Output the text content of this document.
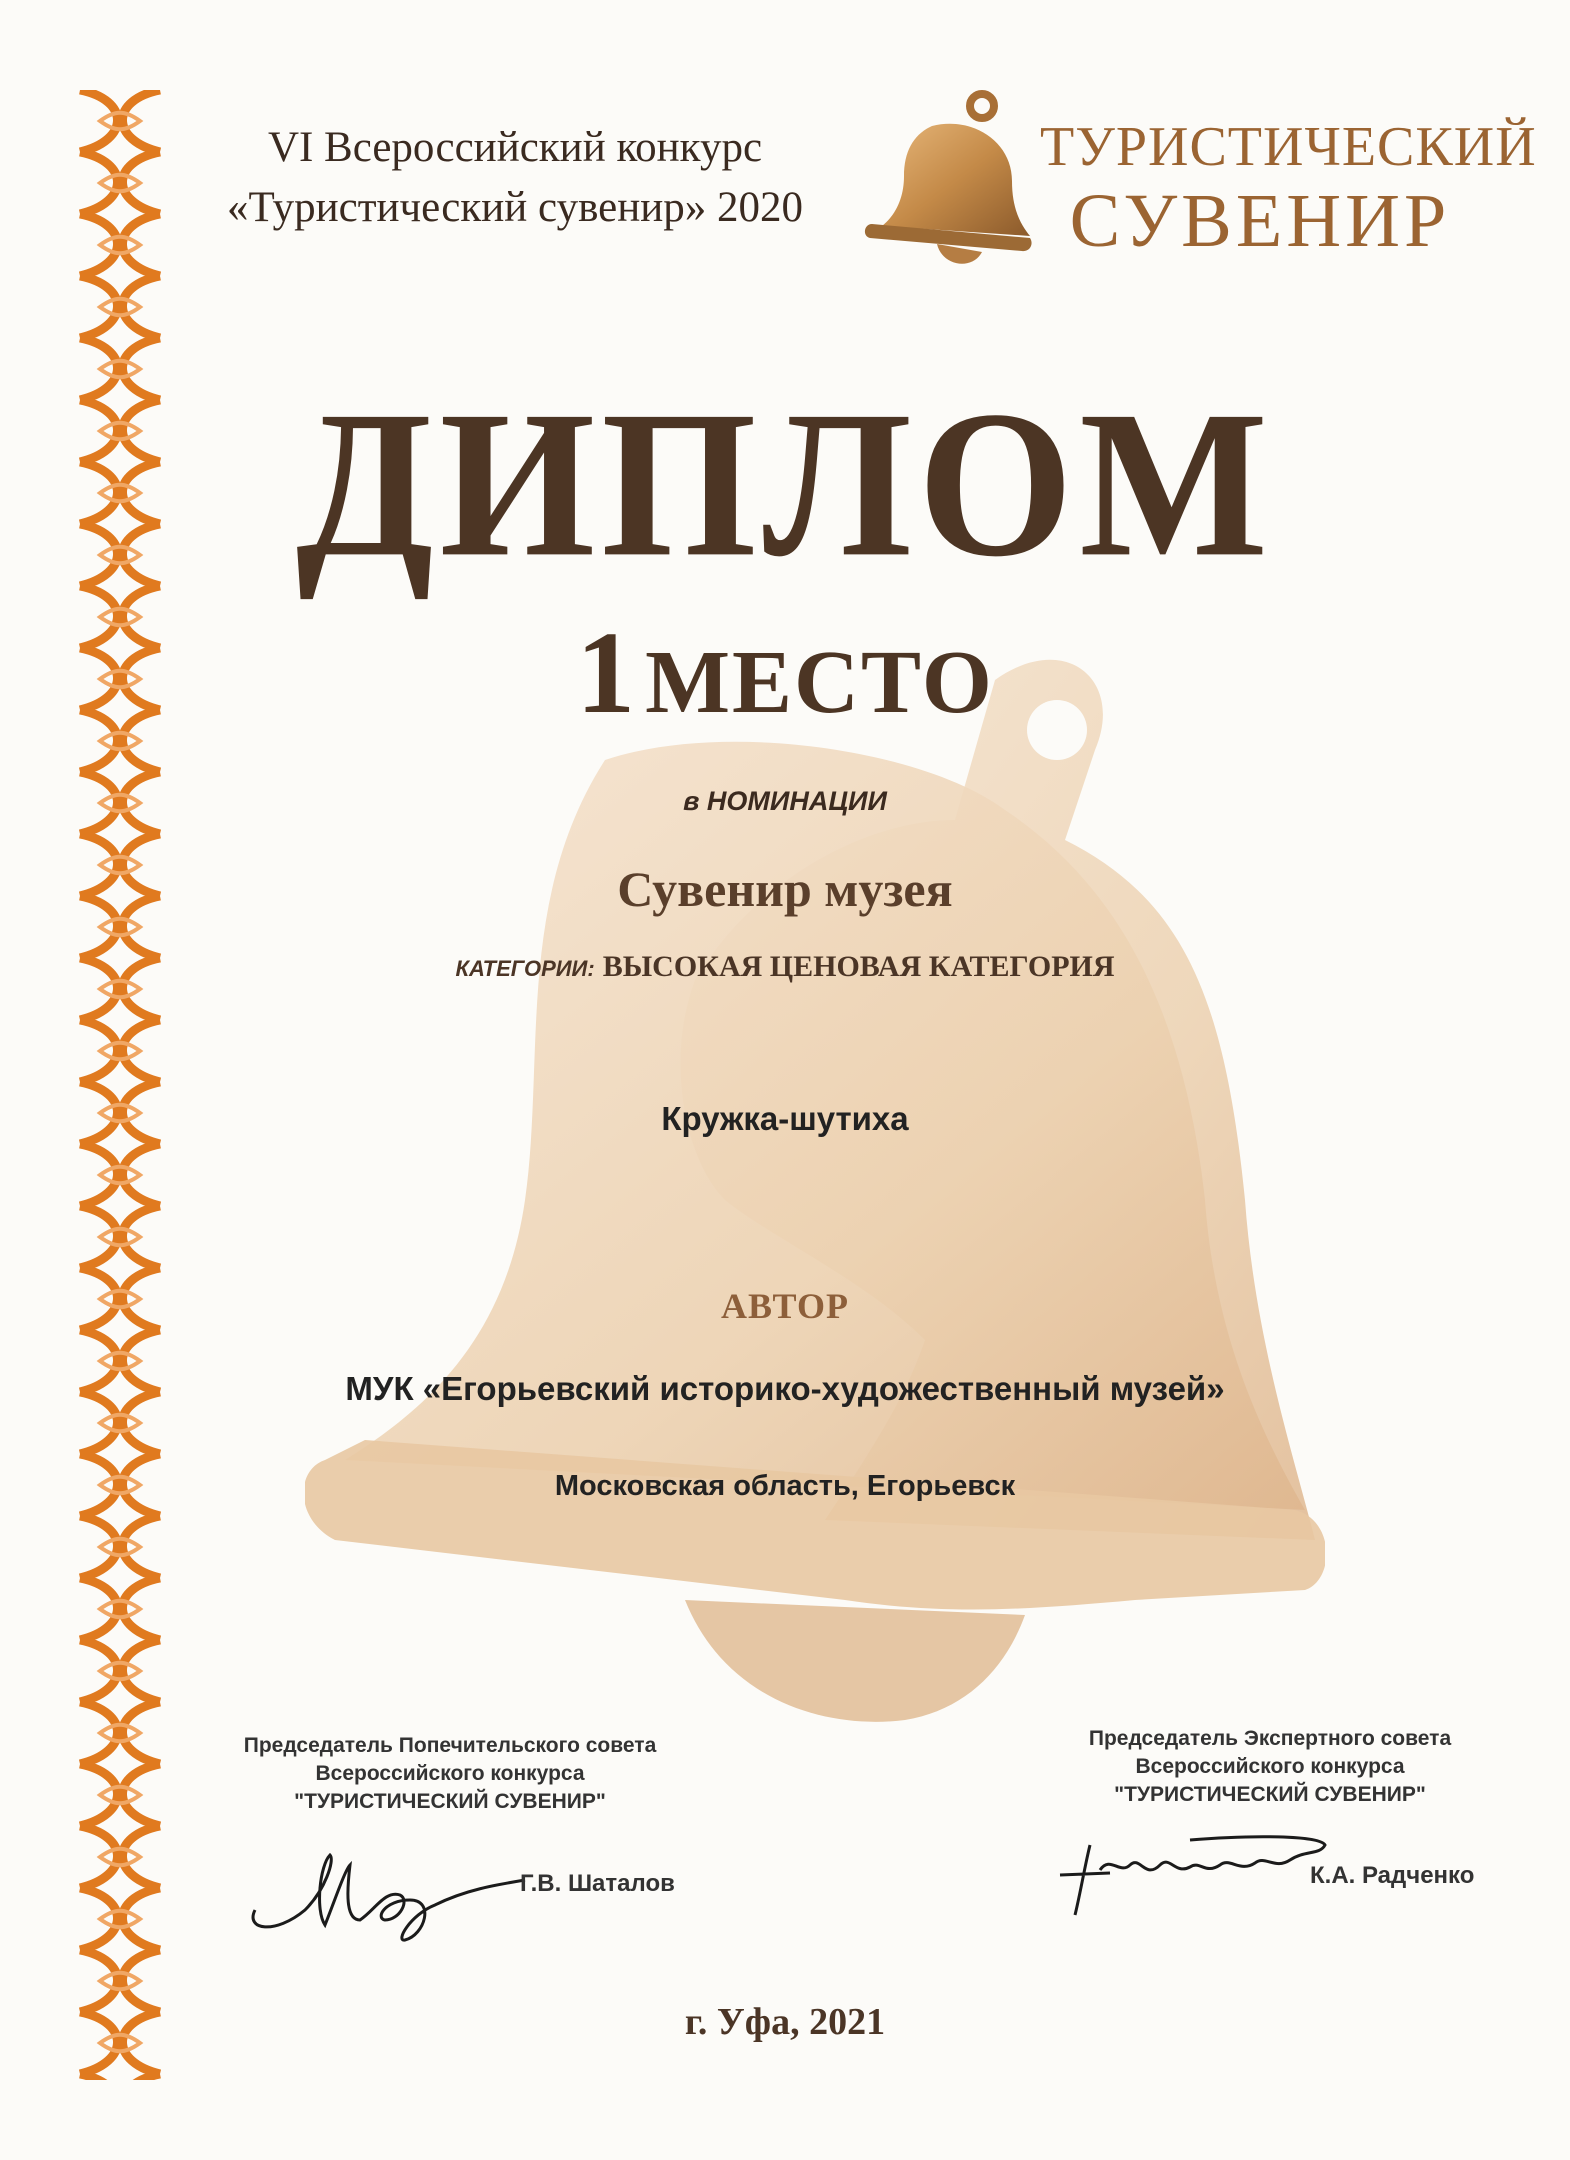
VI Всероссийский конкурс
«Туристический сувенир» 2020
ТУРИСТИЧЕСКИЙ
СУВЕНИР
ДИПЛОМ
1 МЕСТО
в НОМИНАЦИИ
Сувенир музея
КАТЕГОРИИ: ВЫСОКАЯ ЦЕНОВАЯ КАТЕГОРИЯ
Кружка-шутиха
АВТОР
МУК «Егорьевский историко-художественный музей»
Московская область, Егорьевск
Председатель Попечительского совета
Всероссийского конкурса
"ТУРИСТИЧЕСКИЙ СУВЕНИР"
Г.В. Шаталов
Председатель Экспертного совета
Всероссийского конкурса
"ТУРИСТИЧЕСКИЙ СУВЕНИР"
К.А. Радченко
г. Уфа, 2021
